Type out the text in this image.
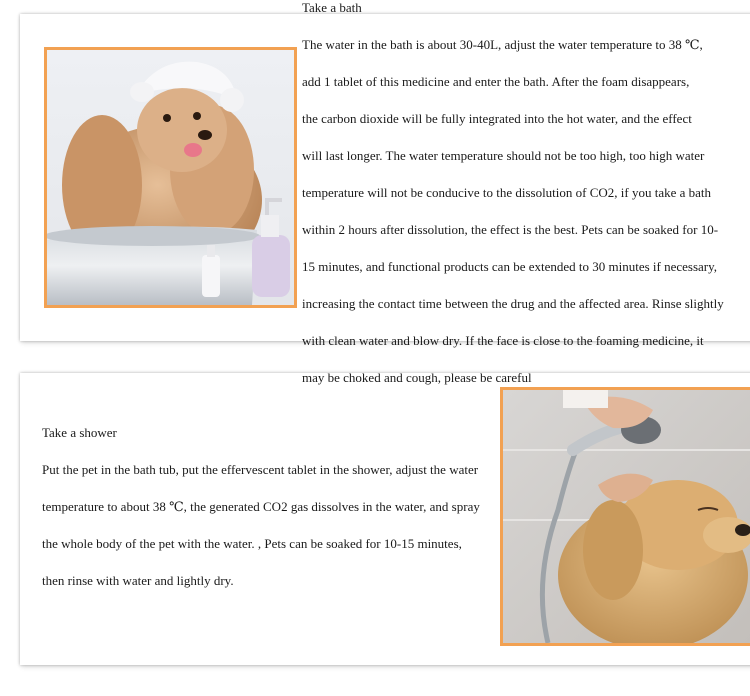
Take a bath
The water in the bath is about 30-40L, adjust the water temperature to 38 ℃,
add 1 tablet of this medicine and enter the bath. After the foam disappears,
the carbon dioxide will be fully integrated into the hot water, and the effect
will last longer. The water temperature should not be too high, too high water
temperature will not be conducive to the dissolution of CO2, if you take a bath
within 2 hours after dissolution, the effect is the best. Pets can be soaked for 10-
15 minutes, and functional products can be extended to 30 minutes if necessary,
increasing the contact time between the drug and the affected area. Rinse slightly
with clean water and blow dry. If the face is close to the foaming medicine, it
may be choked and cough, please be careful
Take a shower
Put the pet in the bath tub, put the effervescent tablet in the shower, adjust the water
temperature to about 38 ℃, the generated CO2 gas dissolves in the water, and spray
the whole body of the pet with the water. , Pets can be soaked for 10-15 minutes,
then rinse with water and lightly dry.
